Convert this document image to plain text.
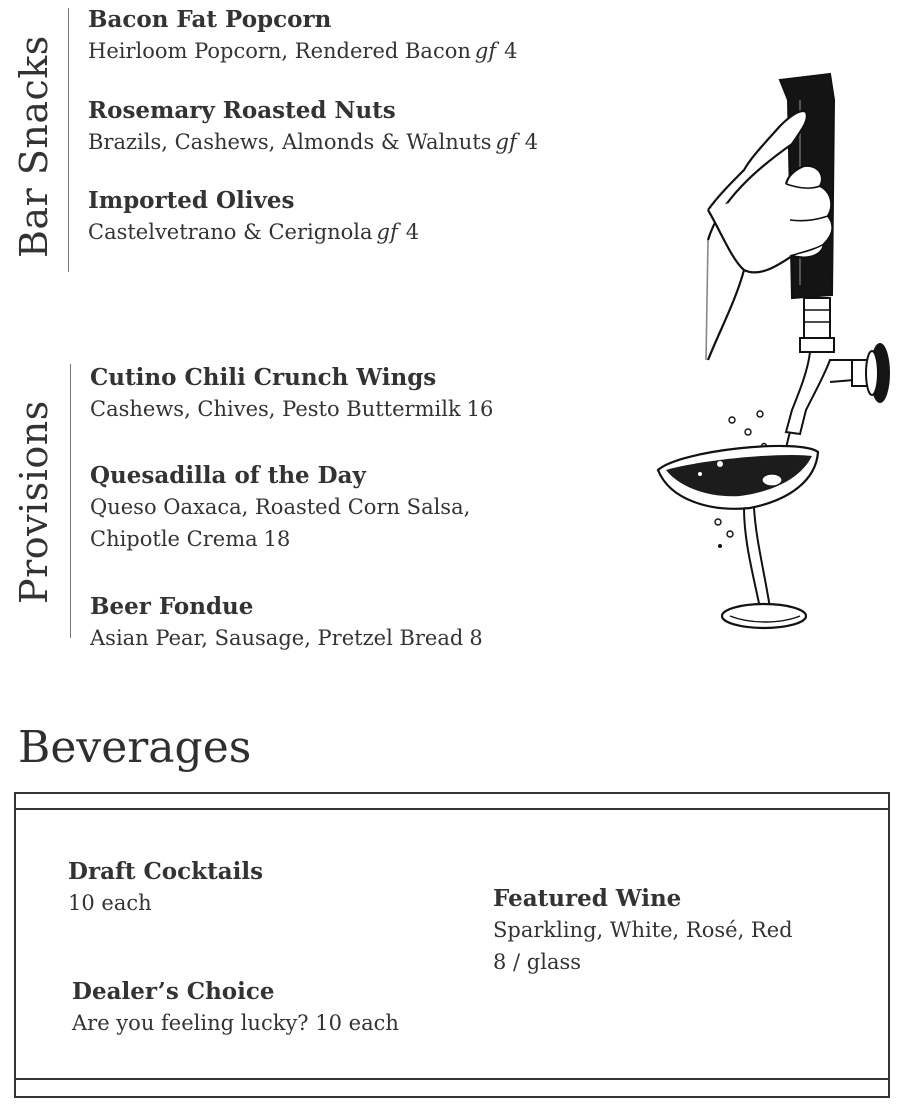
Bar Snacks
Bacon Fat Popcorn
Heirloom Popcorn, Rendered Bacon gf 4
Rosemary Roasted Nuts
Brazils, Cashews, Almonds & Walnuts gf 4
Imported Olives
Castelvetrano & Cerignola gf 4
Provisions
Cutino Chili Crunch Wings
Cashews, Chives, Pesto Buttermilk 16
Quesadilla of the Day
Queso Oaxaca, Roasted Corn Salsa,
Chipotle Crema 18
Beer Fondue
Asian Pear, Sausage, Pretzel Bread 8
Beverages
Draft Cocktails
10 each	Featured Wine
Sparkling, White, Rosé, Red
8 / glass
Dealer’s Choice
Are you feeling lucky? 10 each
